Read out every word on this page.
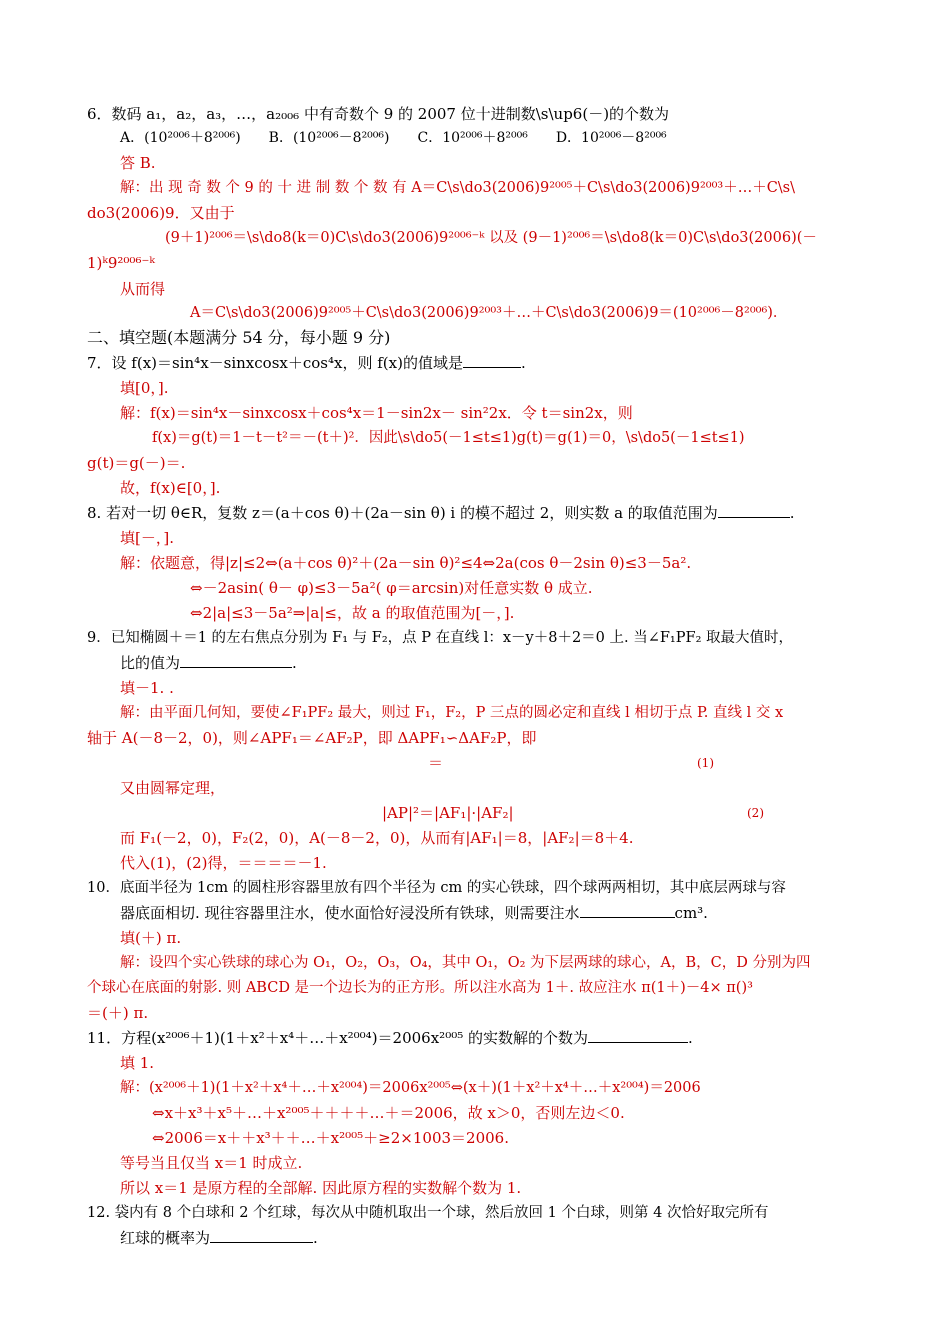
6．数码 a₁，a₂，a₃，…，a₂₀₀₆ 中有奇数个 9 的 2007 位十进制数\s\up6(－)的个数为
A．(10²⁰⁰⁶＋8²⁰⁰⁶)　　B．(10²⁰⁰⁶－8²⁰⁰⁶)　　C．10²⁰⁰⁶＋8²⁰⁰⁶　　D．10²⁰⁰⁶－8²⁰⁰⁶
答 B.
解：出 现 奇 数 个 9 的 十 进 制 数 个 数 有 A＝C\s\do3(2006)9²⁰⁰⁵＋C\s\do3(2006)9²⁰⁰³＋…＋C\s\
do3(2006)9．又由于
(9＋1)²⁰⁰⁶＝\s\do8(k＝0)C\s\do3(2006)9²⁰⁰⁶⁻ᵏ 以及 (9－1)²⁰⁰⁶＝\s\do8(k＝0)C\s\do3(2006)(－
1)ᵏ9²⁰⁰⁶⁻ᵏ
从而得
A＝C\s\do3(2006)9²⁰⁰⁵＋C\s\do3(2006)9²⁰⁰³＋…＋C\s\do3(2006)9＝(10²⁰⁰⁶－8²⁰⁰⁶)．
二、填空题(本题满分 54 分，每小题 9 分)
7．设 f(x)＝sin⁴x－sinxcosx＋cos⁴x，则 f(x)的值域是	.
填[0，].
解：f(x)＝sin⁴x－sinxcosx＋cos⁴x＝1－sin2x－ sin²2x．令 t＝sin2x，则
f(x)＝g(t)＝1－t－t²＝－(t＋)²．因此\s\do5(－1≤t≤1)g(t)＝g(1)＝0，\s\do5(－1≤t≤1)
g(t)＝g(－)＝.
故，f(x)∈[0，].
8. 若对一切 θ∈R，复数 z＝(a＋cos θ)＋(2a－sin θ) i 的模不超过 2，则实数 a 的取值范围为	.
填[－，].
解：依题意，得|z|≤2⇔(a＋cos θ)²＋(2a－sin θ)²≤4⇔2a(cos θ－2sin θ)≤3－5a².
⇔－2asin( θ－ φ)≤3－5a²( φ＝arcsin)对任意实数 θ 成立.
⇔2|a|≤3－5a²⇒|a|≤，故 a 的取值范围为[－，].
9．已知椭圆＋＝1 的左右焦点分别为 F₁ 与 F₂，点 P 在直线 l：x－y＋8＋2＝0 上. 当∠F₁PF₂ 取最大值时，
比的值为	.
填－1. .
解：由平面几何知，要使∠F₁PF₂ 最大，则过 F₁，F₂，P 三点的圆必定和直线 l 相切于点 P. 直线 l 交 x
轴于 A(－8－2，0)，则∠APF₁＝∠AF₂P，即 ΔAPF₁∽ΔAF₂P，即
＝	(1)
又由圆幂定理，
|AP|²＝|AF₁|·|AF₂|	(2)
而 F₁(－2，0)，F₂(2，0)，A(－8－2，0)，从而有|AF₁|＝8，|AF₂|＝8＋4.
代入(1)，(2)得，＝＝＝＝－1.
10．底面半径为 1cm 的圆柱形容器里放有四个半径为 cm 的实心铁球，四个球两两相切，其中底层两球与容
器底面相切. 现往容器里注水，使水面恰好浸没所有铁球，则需要注水	cm³.
填(＋) π.
解：设四个实心铁球的球心为 O₁，O₂，O₃，O₄，其中 O₁，O₂ 为下层两球的球心，A，B，C，D 分别为四
个球心在底面的射影. 则 ABCD 是一个边长为的正方形。所以注水高为 1＋. 故应注水 π(1＋)－4× π()³
＝(＋) π.
11．方程(x²⁰⁰⁶＋1)(1＋x²＋x⁴＋…＋x²⁰⁰⁴)＝2006x²⁰⁰⁵ 的实数解的个数为	.
填 1.
解：(x²⁰⁰⁶＋1)(1＋x²＋x⁴＋…＋x²⁰⁰⁴)＝2006x²⁰⁰⁵⇔(x＋)(1＋x²＋x⁴＋…＋x²⁰⁰⁴)＝2006
⇔x＋x³＋x⁵＋…＋x²⁰⁰⁵＋＋＋＋…＋＝2006，故 x＞0，否则左边＜0.
⇔2006＝x＋＋x³＋＋…＋x²⁰⁰⁵＋≥2×1003＝2006.
等号当且仅当 x＝1 时成立.
所以 x＝1 是原方程的全部解. 因此原方程的实数解个数为 1.
12. 袋内有 8 个白球和 2 个红球，每次从中随机取出一个球，然后放回 1 个白球，则第 4 次恰好取完所有
红球的概率为	.
